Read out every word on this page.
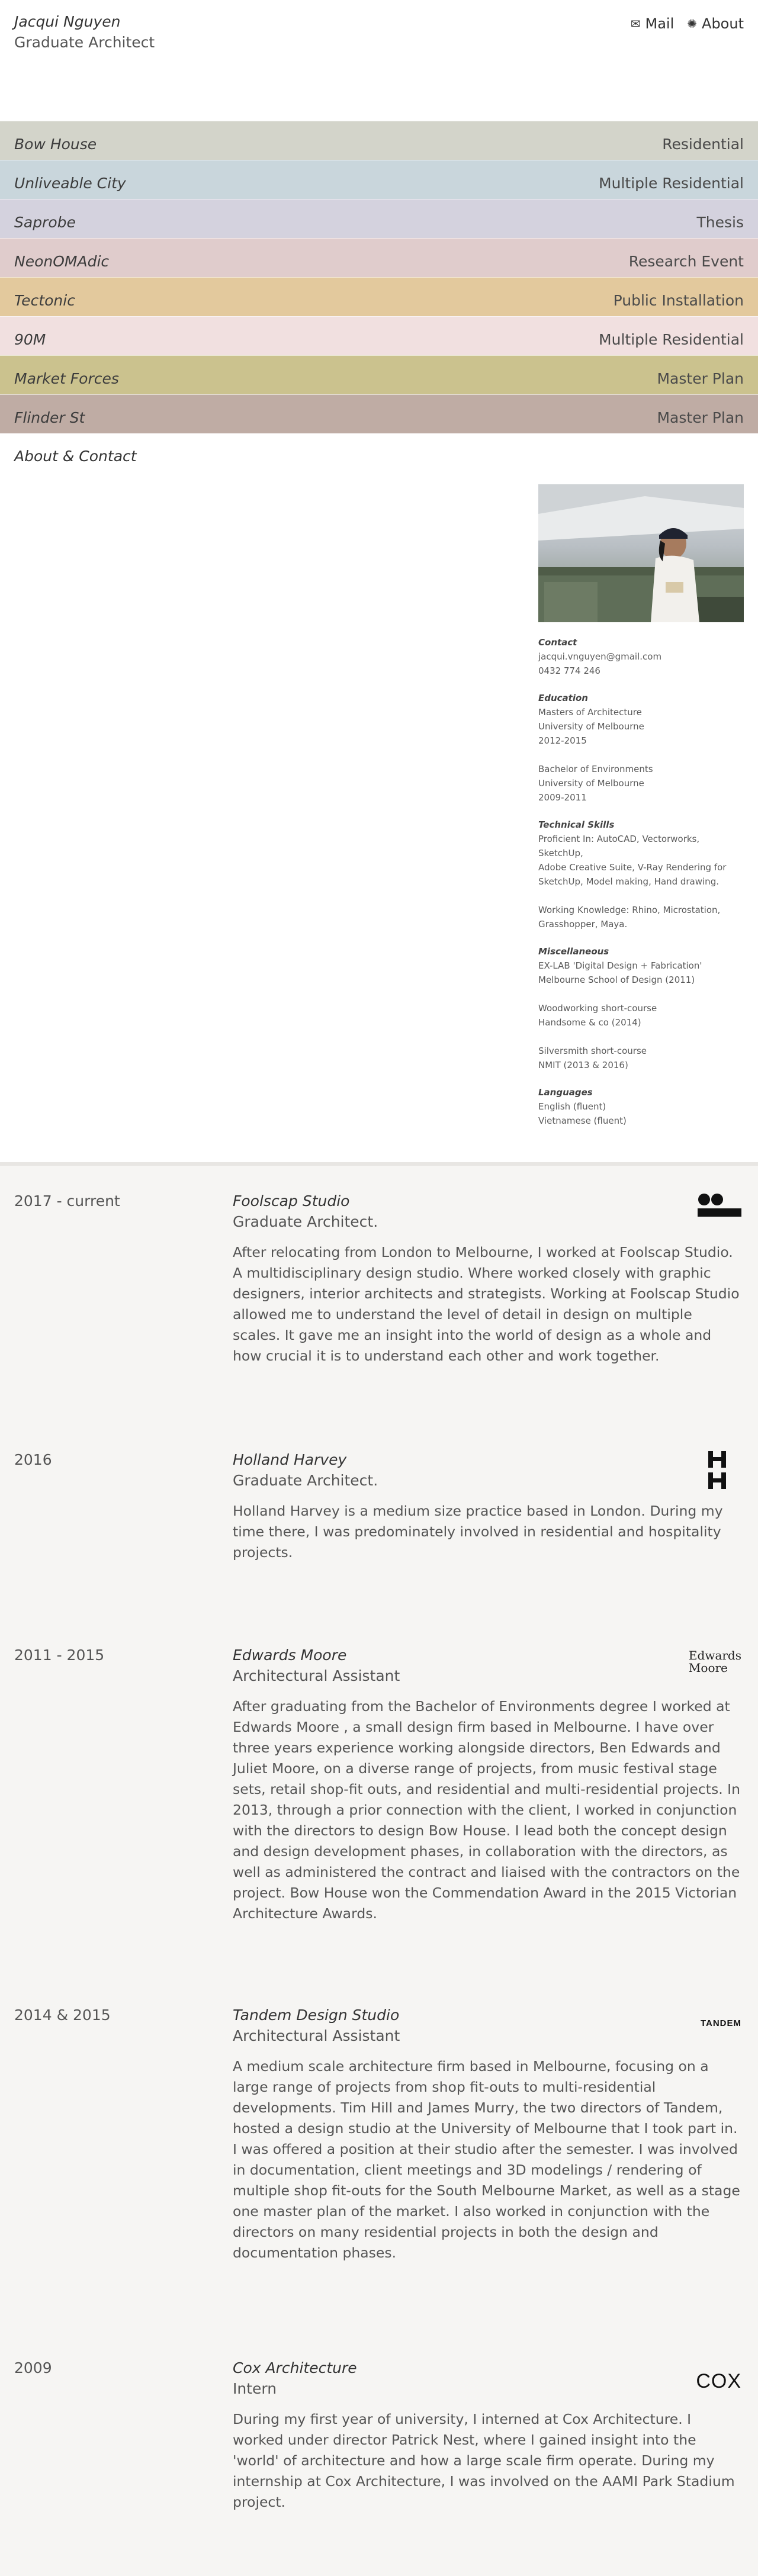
Jacqui Nguyen
Graduate Architect
✉ Mail ✺ About
Bow House	Residential
Unliveable City	Multiple Residential
Saprobe	Thesis
NeonOMAdic	Research Event
Tectonic	Public Installation
90M	Multiple Residential
Market Forces	Master Plan
Flinder St	Master Plan
About & Contact
Contact
jacqui.vnguyen@gmail.com
0432 774 246
Education
Masters of Architecture
University of Melbourne
2012-2015
Bachelor of Environments
University of Melbourne
2009-2011
Technical Skills
Proficient In: AutoCAD, Vectorworks, SketchUp,
Adobe Creative Suite, V-Ray Rendering for
SketchUp, Model making, Hand drawing.
Working Knowledge: Rhino, Microstation,
Grasshopper, Maya.
Miscellaneous
EX-LAB 'Digital Design + Fabrication'
Melbourne School of Design (2011)
Woodworking short-course
Handsome & co (2014)
Silversmith short-course
NMIT (2013 & 2016)
Languages
English (fluent)
Vietnamese (fluent)
2017 - current	Foolscap Studio
Graduate Architect.
After relocating from London to Melbourne, I worked at Foolscap Studio. A multidisciplinary design studio. Where worked closely with graphic designers, interior architects and strategists. Working at Foolscap Studio allowed me to understand the level of detail in design on multiple scales. It gave me an insight into the world of design as a whole and how crucial it is to understand each other and work together.
2016	Holland Harvey
Graduate Architect.
Holland Harvey is a medium size practice based in London. During my time there, I was predominately involved in residential and hospitality projects.
2011 - 2015	Edwards Moore
Architectural Assistant
After graduating from the Bachelor of Environments degree I worked at Edwards Moore , a small design firm based in Melbourne. I have over three years experience working alongside directors, Ben Edwards and Juliet Moore, on a diverse range of projects, from music festival stage sets, retail shop-fit outs, and residential and multi-residential projects. In 2013, through a prior connection with the client, I worked in conjunction with the directors to design Bow House. I lead both the concept design and design development phases, in collaboration with the directors, as well as administered the contract and liaised with the contractors on the project. Bow House won the Commendation Award in the 2015 Victorian Architecture Awards.
Edwards
Moore
2014 & 2015	Tandem Design Studio
Architectural Assistant
A medium scale architecture firm based in Melbourne, focusing on a large range of projects from shop fit-outs to multi-residential developments. Tim Hill and James Murry, the two directors of Tandem, hosted a design studio at the University of Melbourne that I took part in. I was offered a position at their studio after the semester. I was involved in documentation, client meetings and 3D modelings / rendering of multiple shop fit-outs for the South Melbourne Market, as well as a stage one master plan of the market. I also worked in conjunction with the directors on many residential projects in both the design and documentation phases.
TANDEM
2009	Cox Architecture
Intern
During my first year of university, I interned at Cox Architecture. I worked under director Patrick Nest, where I gained insight into the 'world' of architecture and how a large scale firm operate. During my internship at Cox Architecture, I was involved on the AAMI Park Stadium project.
COX
